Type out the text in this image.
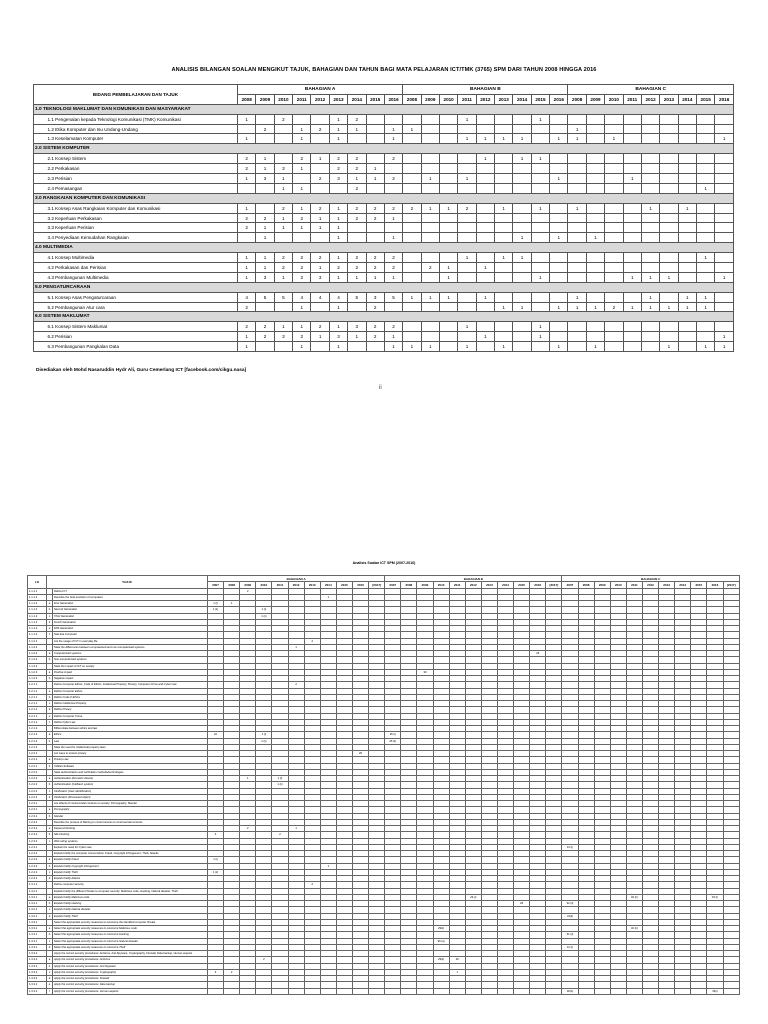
ANALISIS BILANGAN SOALAN MENGIKUT TAJUK, BAHAGIAN DAN TAHUN BAGI MATA PELAJARAN ICT/TMK (3765) SPM DARI TAHUN 2008 HINGGA 2016
BIDANG PEMBELAJARAN DAN TAJUK		BAHAGIAN A									BAHAGIAN B									BAHAGIAN C								
		2008	2009	2010	2011	2012	2013	2014	2015	2016	2008	2009	2010	2011	2012	2013	2014	2015	2016	2008	2009	2010	2011	2012	2013	2014	2015	2016
1.0 TEKNOLOGI MAKLUMAT DAN KOMUNIKASI DAN MASYARAKAT																												
	1.1 Pengenalan kepada Teknologi Komunikasi (TMK) Komunikasi	1		2			1	2						1				1										
	1.2 Etika Komputer dan Isu Undang-Undang		2		1	2	1	1		1	1									1								
	1.3 Keselamatan Komputer	1			1		1			1				1	1	1	1		1	1		1						1
2.0 SISTEM KOMPUTER																												
	2.1 Konsep Sistem	2	1		2	1	2	2		2					1		1	1										
	2.2 Perkakasan	2	1	3	1		2	2	1																			
	2.3 Perisian	1	3	1		2	3	1	1	2		1		1					1				1					
	2.4 Pemasangan			1	1			2																			1	
3.0 RANGKAIAN KOMPUTER DAN KOMUNIKASI																												
	3.1 Konsep Asas Rangkaian Komputer dan Komunikasi	1		2	1	2	1	2	2	2	2	1	1	2		1		1		1				1		1		
	3.2 Keperluan Perkakasan	2	2	1	2	1	1	2	2	1																		
	3.3 Keperluan Perisian	2	1	1	1	1	1																					
	3.4 Penyediaan Kemudahan Rangkaian		1				1			1							1		1		1							
4.0 MULTIMEDIA																												
	4.1 Konsep Multimedia	1	1	2	2	2	1	2	2	2				1		1	1										1	
	4.2 Perkakasan dan Perisian	1	1	2	2	1	2	2	2	2		2	1		1													
	4.3 Pembangunan Multimedia	1	3	1	2	3	1	1	1	1			1					1					1	1	1			1
5.0 PENGATURCARAAN																												
	5.1 Konsep Asas Pengaturcaraan	4	5	5	4	4	4	5	3	5	1	1	1		1					1				1		1	1	
	5.2 Pembangunan Atur cara	2			1		1		2							1	1		1	1	1	2	1	1	1	1	1	
6.0 SISTEM MAKLUMAT																												
	6.1 Konsep Sistem Maklumat	2	2	1	1	2	1	3	2	2				1				1										
	6.2 Perisian	1	2	3	2	1	3	1	2	1					1			1										1
	6.3 Pembangunan Pangkalan Data	1			1		1			1	1	1		1		1			1		1				1		1	1
Disediakan oleh Mohd Nasaruddin Hydr Ali, Guru Cemerlang ICT [facebook.com/cikgu.nasa]
ii
Analisis Soalan ICT SPM (2007-2016)
LO	TAJUK		BAHAGIAN A											BAHAGIAN B											BAHAGIAN C										
			2007	2008	2009	2010	2011	2012	2013	2014	2015	2016	[2017]	2007	2008	2009	2010	2011	2012	2013	2014	2015	2016	[2017]	2007	2008	2009	2010	2011	2012	2013	2014	2015	2016	[2017]
1.1.1.1		Define ICT			2																														
1.1.1.2		Describe the brief evolution of computers								1																									
1.1.1.2	a	First Generation	1 (i)	1																															
1.1.1.2	b	Second Generation	1 (ii)			1 (i)																													
1.1.1.2	c	Third Generation				1 (ii)																													
1.1.1.2	d	Fourth Generation																																	
1.1.1.2	e	Fifth Generation																																	
1.1.1.2	f	New Era Computer																																	
1.1.2.1		List the usage of ICT in everyday life							2																										
1.1.2.2		State the differences between computerised and non-computerised systems						1																											
1.1.2.2	a	Computerised systems																					26												
1.1.2.2	b	Non-computerised systems																																	
1.1.2.3		State the impact of ICT on society																																	
1.1.2.3	a	Positive impact														30																			
1.1.2.3	b	Negative impact																																	
1.2.1.1		Define Computer Ethics, Code of Ethics, Intellectual Property, Privacy, Computer Crime and Cyber Law						2																											
1.2.1.1	a	Define Computer Ethics																																	
1.2.1.1	b	Define Code of Ethics																																	
1.2.1.1	c	Define Intellectual Property																																	
1.2.1.1	d	Define Privacy																																	
1.2.1.1	e	Define Computer Crime																																	
1.2.1.1	f	Define Cyber Law																																	
1.2.1.2		Differentiate between ethics and law																																	
1.2.1.2	a	Ethics	22			1 (i)								26 (i)																					
1.2.1.2	b	Law				1 (ii)								26 (ii)																					
1.2.1.3		State the need for intellectual property laws																																	
1.2.2.1		List ways to protect privacy										26																							
1.2.2.1	a	Privacy Law																																	
1.2.2.1	b	Utilities Software																																	
1.2.2.2		State authentication and verification methods/technologies																																	
1.2.2.2	a	Authentication (biometric device)			1		1 (i)																												
1.2.2.2	b	Authentication (Callback system)					1 (ii)																												
1.2.2.2	c	Verification (User identification)																																	
1.2.2.2	d	Verification (Processed object)																																	
1.2.3.1		List effects of controversial contents on society: Pornography, Slander																																	
1.2.3.1	a	Pornography																																	
1.2.3.1	b	Slander																																	
1.2.3.2		Describe the process of filtering to control access to controversial contents																																	
1.2.3.2	a	Keyword blocking			2			1																											
1.2.3.2	b	Site blocking	3				2																												
1.2.3.2	c	Web rating systems																																	
1.2.4.1		Explain the need for Cyber Law																							31 (i)										
1.2.4.2		Explain briefly the computer crimes below: Fraud, Copyright Infringement, Theft, Attacks																																	
1.2.4.2	a	Explain briefly Fraud	1 (i)																																
1.2.4.2	b	Explain briefly Copyright Infringement								1																									
1.2.4.2	c	Explain briefly Theft	1 (ii)																																
1.2.4.2	d	Explain briefly Attacks																																	
1.3.1.1		Define computer security							2																										
1.3.2.1		Explain briefly the different threats to computer security: Malicious code, Hacking, Natural disaster, Theft																																	
1.3.2.1	a	Explain briefly Malicious code																	29 (i)										32 (ii)					33 (i)	
1.3.2.1	b	Explain briefly Hacking																				26			32 (ii)										
1.3.2.1	c	Explain briefly Natural disaster																																	
1.3.2.1	d	Explain briefly Theft																							31(ii)										
1.3.3.1		Select the appropriate security measures to overcome the identified computer threats																																	
1.3.3.1	a	Select the appropriate security measures to overcome Malicious code															29(ii)												32 (ii)						
1.3.3.1	b	Select the appropriate security measures to overcome Hacking																							31 (ii)										
1.3.3.1	c	Select the appropriate security measures to overcome Natural disaster															30 (a)																		
1.3.3.1	d	Select the appropriate security measures to overcome Theft																							31 (i)										
1.3.3.2		Apply the correct security procedures: Antivirus, Anti-Spyware, Cryptography, Firewall, Data backup, Human aspects																																	
1.3.3.2	a	Apply the correct security procedures: Antivirus				2											29(ii)	29																	
1.3.3.2	b	Apply the correct security procedures: Anti-Spyware																																	
1.3.3.2	c	Apply the correct security procedures: Cryptography	3	2														1																	
1.3.3.2	d	Apply the correct security procedures: Firewall																																	
1.3.3.2	e	Apply the correct security procedures: Data backup																																	
1.3.3.2	f	Apply the correct security procedures: Human aspects																							32(b)									33(i)	
